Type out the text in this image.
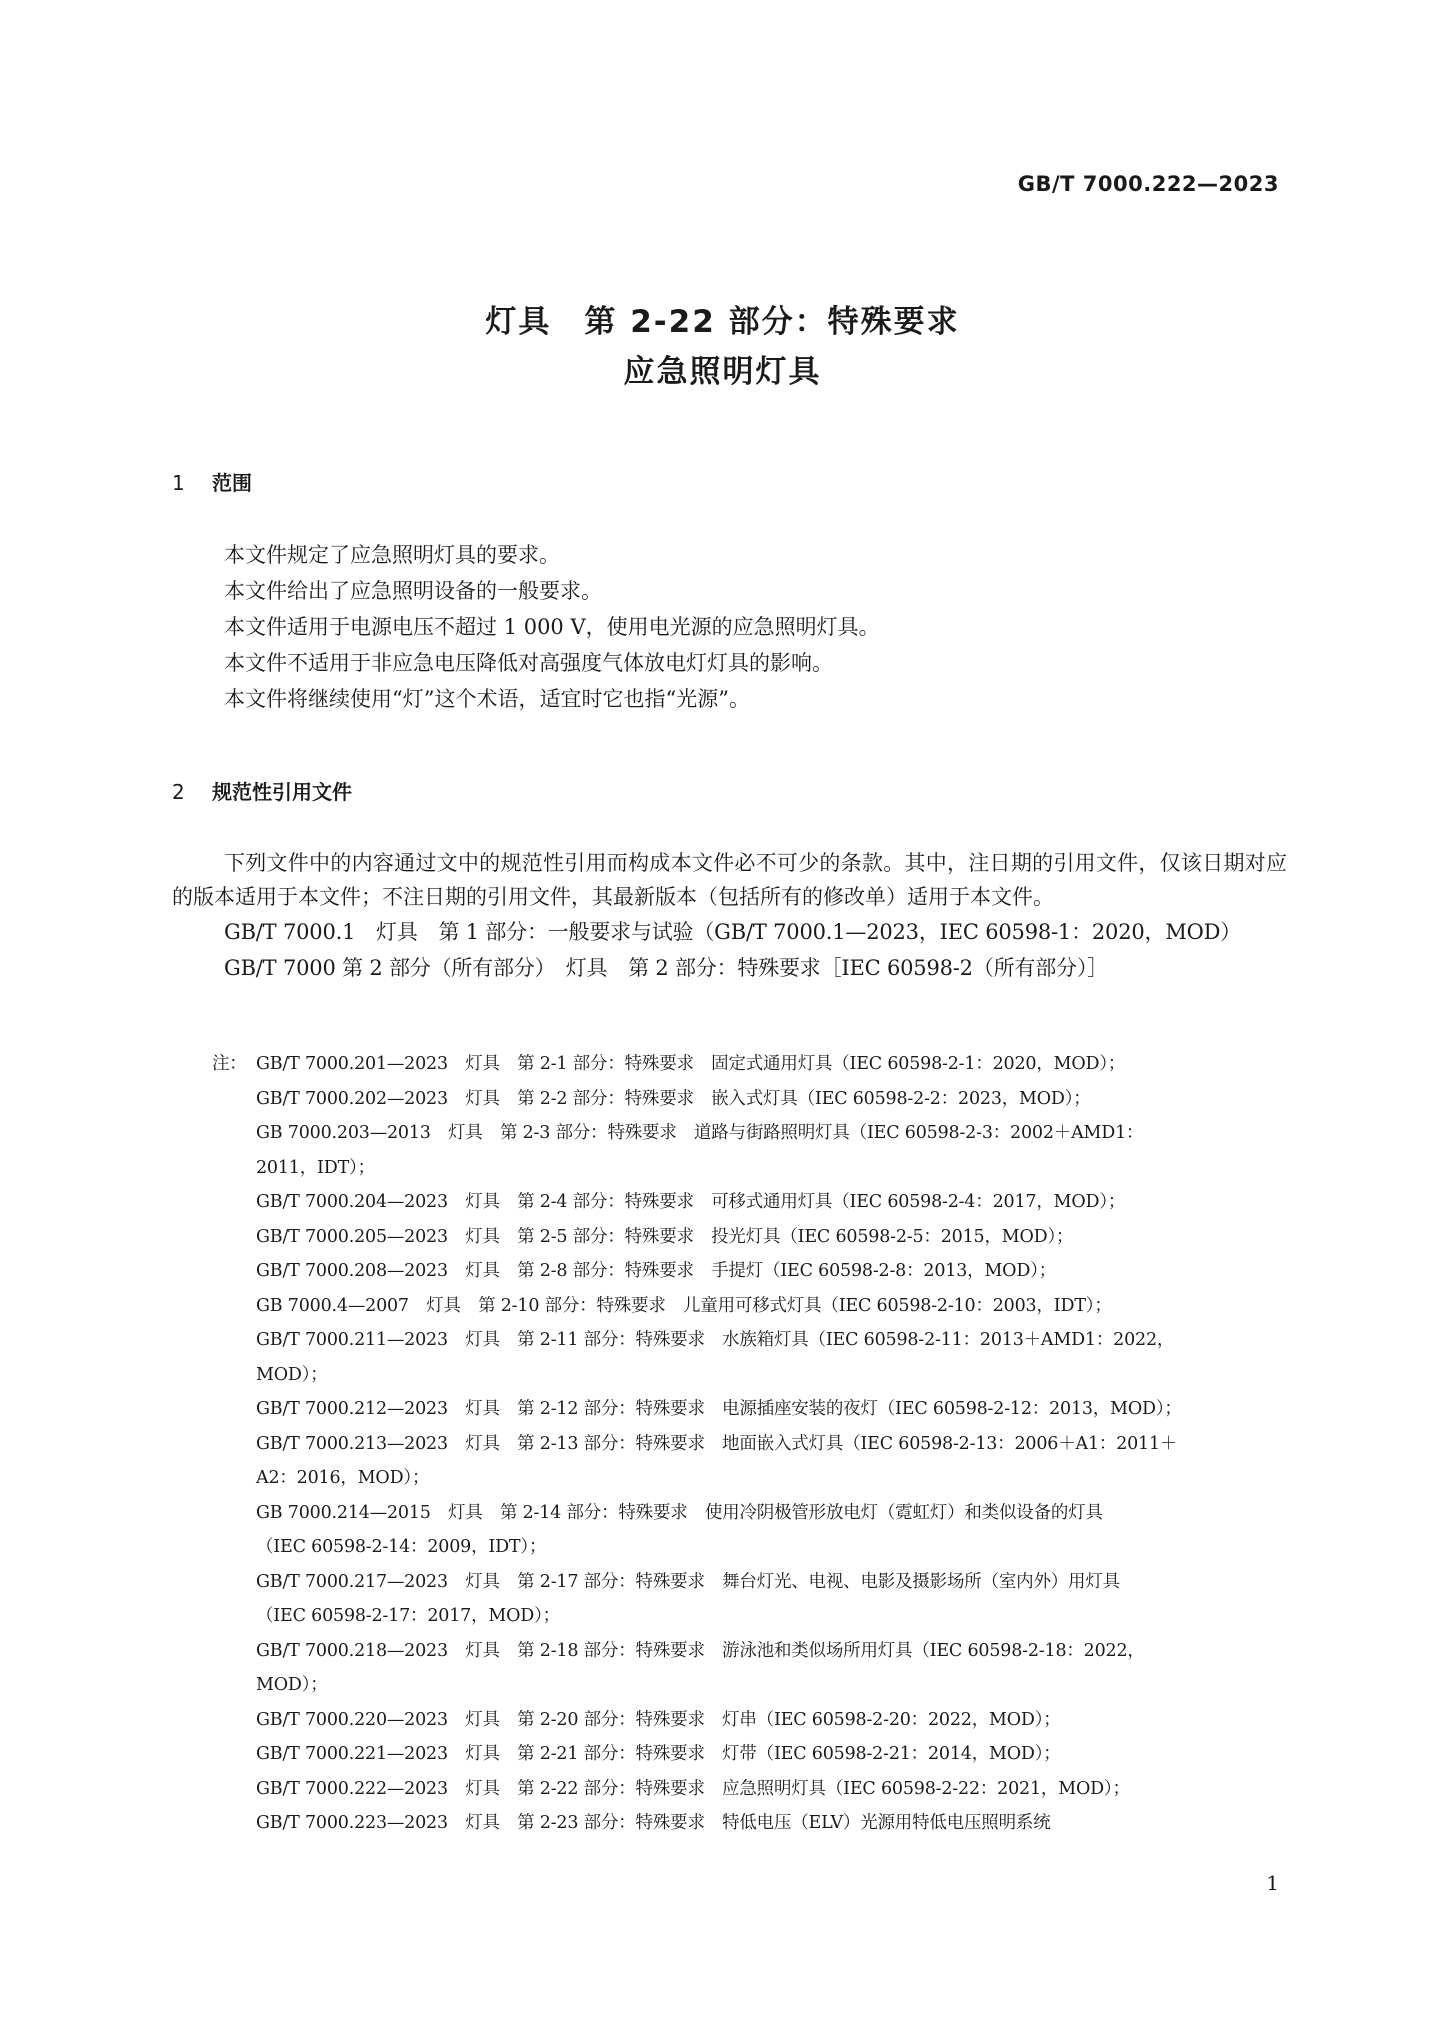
GB/T 7000.222—2023
灯具　第 2-22 部分：特殊要求
应急照明灯具
1 范围

本文件规定了应急照明灯具的要求。

本文件给出了应急照明设备的一般要求。

本文件适用于电源电压不超过 1 000 V，使用电光源的应急照明灯具。

本文件不适用于非应急电压降低对高强度气体放电灯灯具的影响。

本文件将继续使用“灯”这个术语，适宜时它也指“光源”。

2 规范性引用文件

下列文件中的内容通过文中的规范性引用而构成本文件必不可少的条款。其中，注日期的引用文件，仅该日期对应的版本适用于本文件；不注日期的引用文件，其最新版本（包括所有的修改单）适用于本文件。

GB/T 7000.1　灯具　第 1 部分：一般要求与试验（GB/T 7000.1—2023，IEC 60598-1：2020，MOD）
GB/T 7000 第 2 部分（所有部分）　灯具　第 2 部分：特殊要求［IEC 60598-2（所有部分）］
注： GB/T 7000.201—2023　灯具　第 2-1 部分：特殊要求　固定式通用灯具（IEC 60598-2-1：2020，MOD）；
GB/T 7000.202—2023　灯具　第 2-2 部分：特殊要求　嵌入式灯具（IEC 60598-2-2：2023，MOD）；
GB 7000.203—2013　灯具　第 2-3 部分：特殊要求　道路与街路照明灯具（IEC 60598-2-3：2002＋AMD1：
2011，IDT）；
GB/T 7000.204—2023　灯具　第 2-4 部分：特殊要求　可移式通用灯具（IEC 60598-2-4：2017，MOD）；
GB/T 7000.205—2023　灯具　第 2-5 部分：特殊要求　投光灯具（IEC 60598-2-5：2015，MOD）；
GB/T 7000.208—2023　灯具　第 2-8 部分：特殊要求　手提灯（IEC 60598-2-8：2013，MOD）；
GB 7000.4—2007　灯具　第 2-10 部分：特殊要求　儿童用可移式灯具（IEC 60598-2-10：2003，IDT）；
GB/T 7000.211—2023　灯具　第 2-11 部分：特殊要求　水族箱灯具（IEC 60598-2-11：2013＋AMD1：2022，
MOD）；
GB/T 7000.212—2023　灯具　第 2-12 部分：特殊要求　电源插座安装的夜灯（IEC 60598-2-12：2013，MOD）；
GB/T 7000.213—2023　灯具　第 2-13 部分：特殊要求　地面嵌入式灯具（IEC 60598-2-13：2006＋A1：2011＋
A2：2016，MOD）；
GB 7000.214—2015　灯具　第 2-14 部分：特殊要求　使用冷阴极管形放电灯（霓虹灯）和类似设备的灯具
（IEC 60598-2-14：2009，IDT）；
GB/T 7000.217—2023　灯具　第 2-17 部分：特殊要求　舞台灯光、电视、电影及摄影场所（室内外）用灯具
（IEC 60598-2-17：2017，MOD）；
GB/T 7000.218—2023　灯具　第 2-18 部分：特殊要求　游泳池和类似场所用灯具（IEC 60598-2-18：2022，
MOD）；
GB/T 7000.220—2023　灯具　第 2-20 部分：特殊要求　灯串（IEC 60598-2-20：2022，MOD）；
GB/T 7000.221—2023　灯具　第 2-21 部分：特殊要求　灯带（IEC 60598-2-21：2014，MOD）；
GB/T 7000.222—2023　灯具　第 2-22 部分：特殊要求　应急照明灯具（IEC 60598-2-22：2021，MOD）；
GB/T 7000.223—2023　灯具　第 2-23 部分：特殊要求　特低电压（ELV）光源用特低电压照明系统
1
